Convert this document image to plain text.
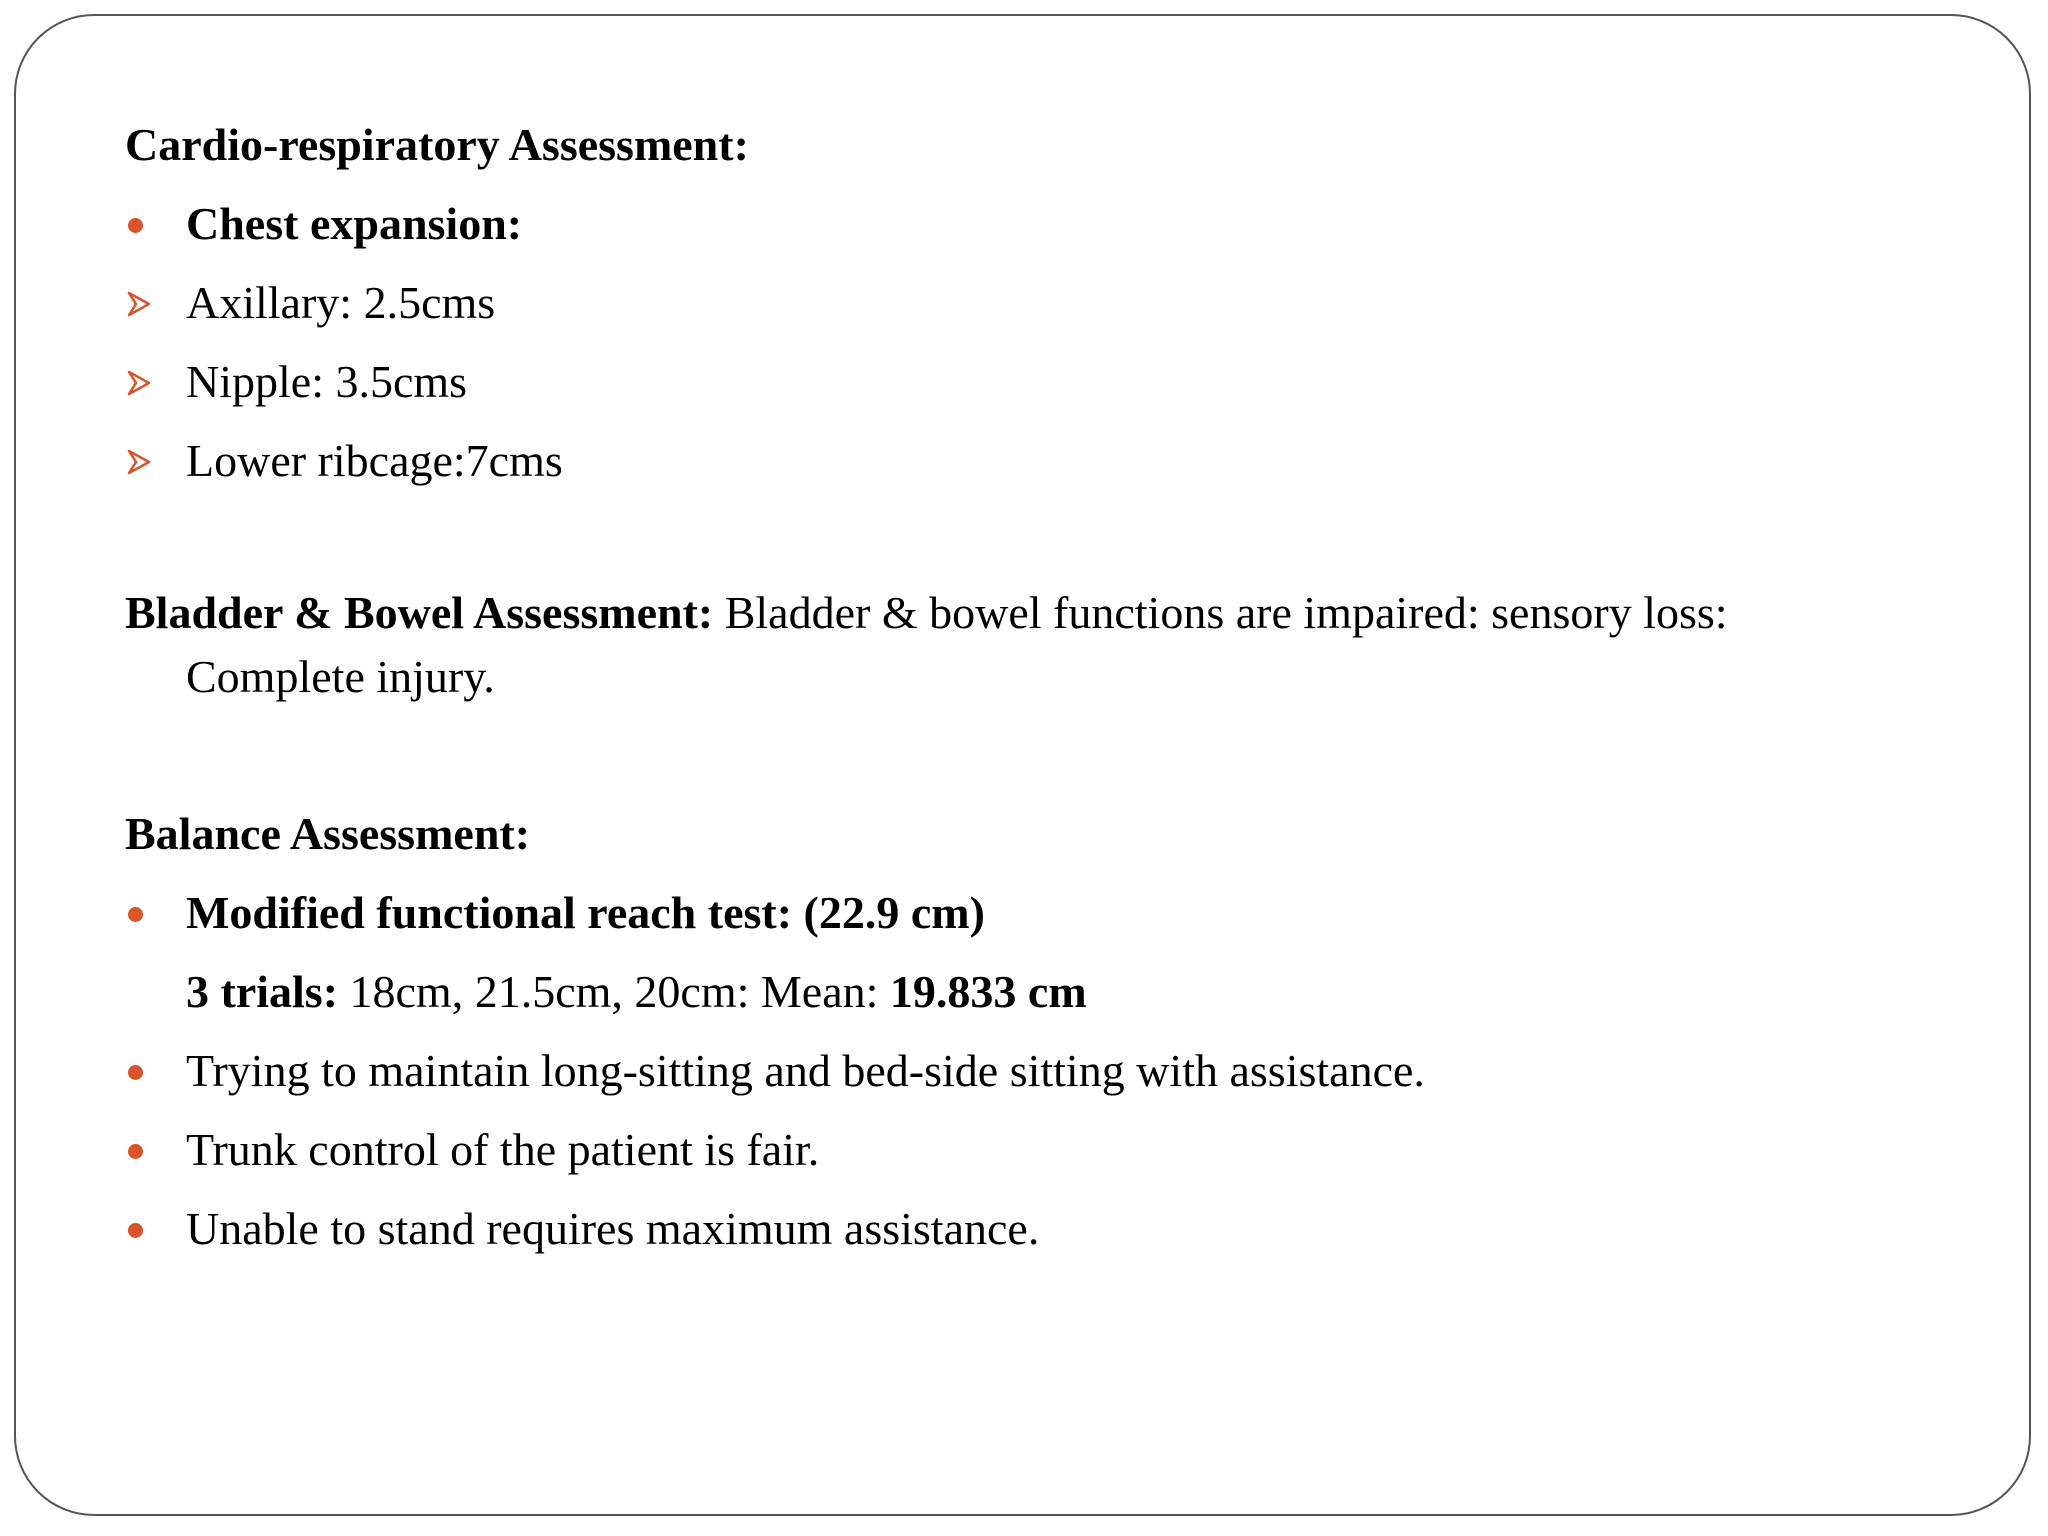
Cardio-respiratory Assessment:
Chest expansion:
Axillary: 2.5cms
Nipple: 3.5cms
Lower ribcage:7cms
Bladder & Bowel Assessment: Bladder & bowel functions are impaired: sensory loss:
Complete injury.
Balance Assessment:
Modified functional reach test: (22.9 cm)
3 trials: 18cm, 21.5cm, 20cm: Mean: 19.833 cm
Trying to maintain long-sitting and bed-side sitting with assistance.
Trunk control of the patient is fair.
Unable to stand requires maximum assistance.
